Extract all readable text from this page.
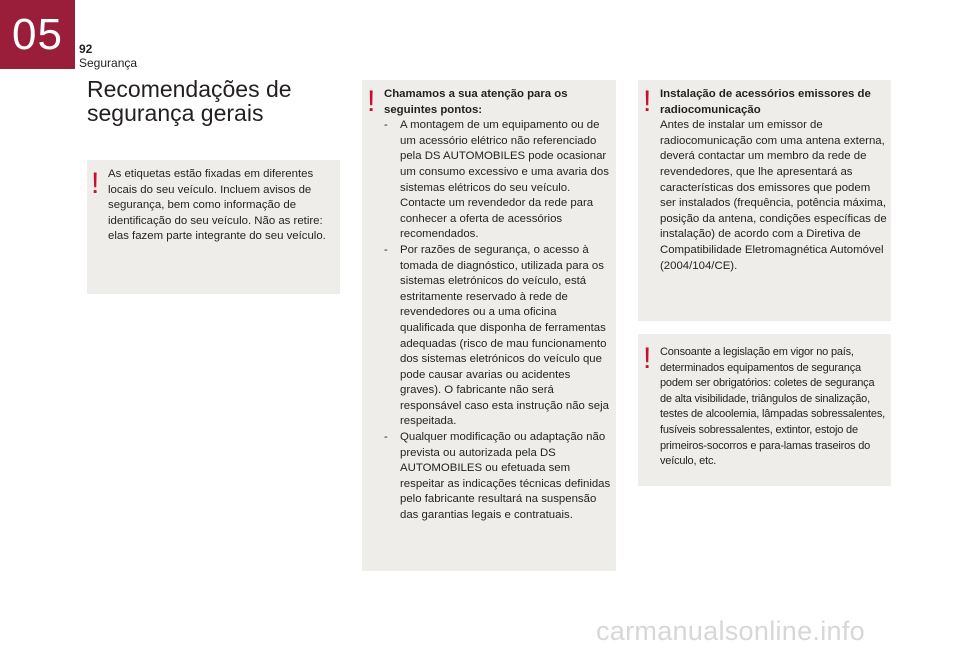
05 92
Segurança
Recomendações de
segurança gerais
! As etiquetas estão fixadas em diferentes locais do seu veículo. Incluem avisos de segurança, bem como informação de identificação do seu veículo. Não as retire: elas fazem parte integrante do seu veículo.
! Chamamos a sua atenção para os seguintes pontos:
- A montagem de um equipamento ou de um acessório elétrico não referenciado pela DS AUTOMOBILES pode ocasionar um consumo excessivo e uma avaria dos sistemas elétricos do seu veículo. Contacte um revendedor da rede para conhecer a oferta de acessórios recomendados.
- Por razões de segurança, o acesso à tomada de diagnóstico, utilizada para os sistemas eletrónicos do veículo, está estritamente reservado à rede de revendedores ou a uma oficina qualificada que disponha de ferramentas adequadas (risco de mau funcionamento dos sistemas eletrónicos do veículo que pode causar avarias ou acidentes graves). O fabricante não será responsável caso esta instrução não seja respeitada.
- Qualquer modificação ou adaptação não prevista ou autorizada pela DS AUTOMOBILES ou efetuada sem respeitar as indicações técnicas definidas pelo fabricante resultará na suspensão das garantias legais e contratuais.
! Instalação de acessórios emissores de radiocomunicação
Antes de instalar um emissor de radiocomunicação com uma antena externa, deverá contactar um membro da rede de revendedores, que lhe apresentará as características dos emissores que podem ser instalados (frequência, potência máxima, posição da antena, condições específicas de instalação) de acordo com a Diretiva de Compatibilidade Eletromagnética Automóvel (2004/104/CE).
! Consoante a legislação em vigor no país, determinados equipamentos de segurança podem ser obrigatórios: coletes de segurança de alta visibilidade, triângulos de sinalização, testes de alcoolemia, lâmpadas sobressalentes, fusíveis sobressalentes, extintor, estojo de primeiros-socorros e para-lamas traseiros do veículo, etc.
carmanualsonline.info
